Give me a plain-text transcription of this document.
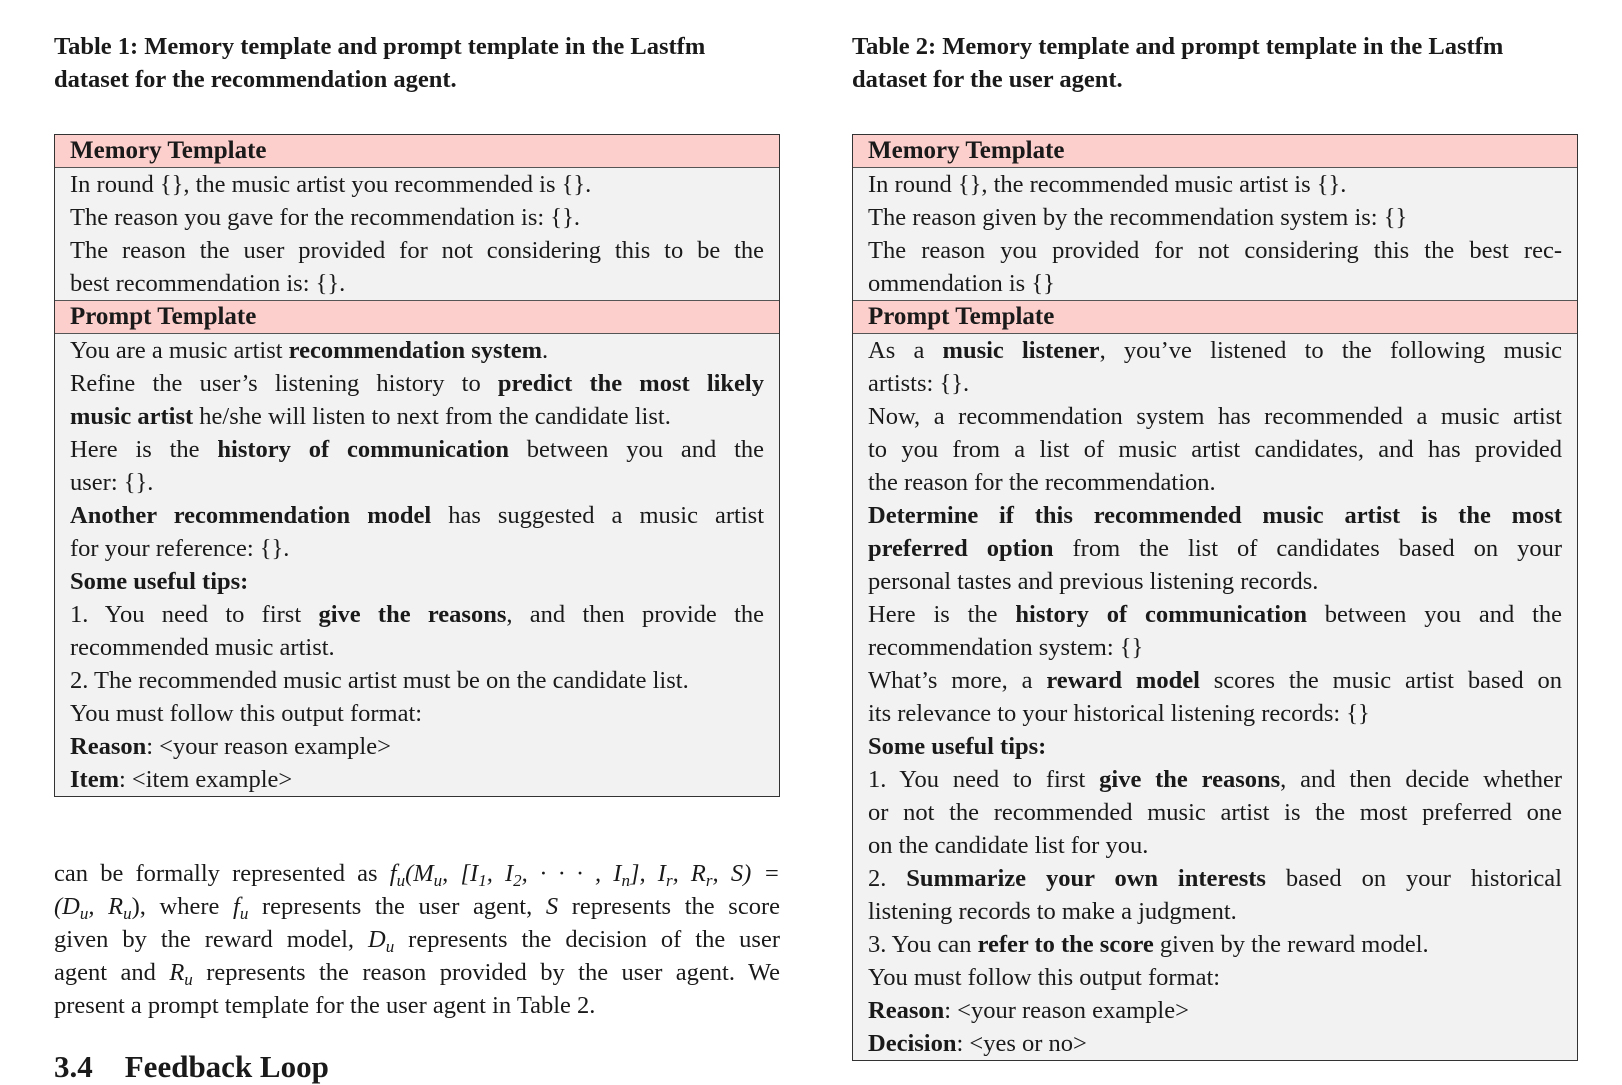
Table 1: Memory template and prompt template in the Lastfm
dataset for the recommendation agent.
Memory Template
In round {}, the music artist you recommended is {}.
The reason you gave for the recommendation is: {}.
The reason the user provided for not considering this to be the
best recommendation is: {}.
Prompt Template
You are a music artist recommendation system.
Refine the user’s listening history to predict the most likely
music artist he/she will listen to next from the candidate list.
Here is the history of communication between you and the
user: {}.
Another recommendation model has suggested a music artist
for your reference: {}.
Some useful tips:
1. You need to first give the reasons, and then provide the
recommended music artist.
2. The recommended music artist must be on the candidate list.
You must follow this output format:
Reason: <your reason example>
Item: <item example>
can be formally represented as $f_u(M_u$, [$I_1$, $I_2$, · · · , $I_n$], $I_r$, $R_r$, S) =
($D_u$, $R_u$), where $f_u$ represents the user agent, S represents the score
given by the reward model, $D_u$ represents the decision of the user
agent and $R_u$ represents the reason provided by the user agent. We
present a prompt template for the user agent in Table 2.
3.4 Feedback Loop
Table 2: Memory template and prompt template in the Lastfm
dataset for the user agent.
Memory Template
In round {}, the recommended music artist is {}.
The reason given by the recommendation system is: {}
The reason you provided for not considering this the best rec-
ommendation is {}
Prompt Template
As a music listener, you’ve listened to the following music
artists: {}.
Now, a recommendation system has recommended a music artist
to you from a list of music artist candidates, and has provided
the reason for the recommendation.
Determine if this recommended music artist is the most
preferred option from the list of candidates based on your
personal tastes and previous listening records.
Here is the history of communication between you and the
recommendation system: {}
What’s more, a reward model scores the music artist based on
its relevance to your historical listening records: {}
Some useful tips:
1. You need to first give the reasons, and then decide whether
or not the recommended music artist is the most preferred one
on the candidate list for you.
2. Summarize your own interests based on your historical
listening records to make a judgment.
3. You can refer to the score given by the reward model.
You must follow this output format:
Reason: <your reason example>
Decision: <yes or no>
